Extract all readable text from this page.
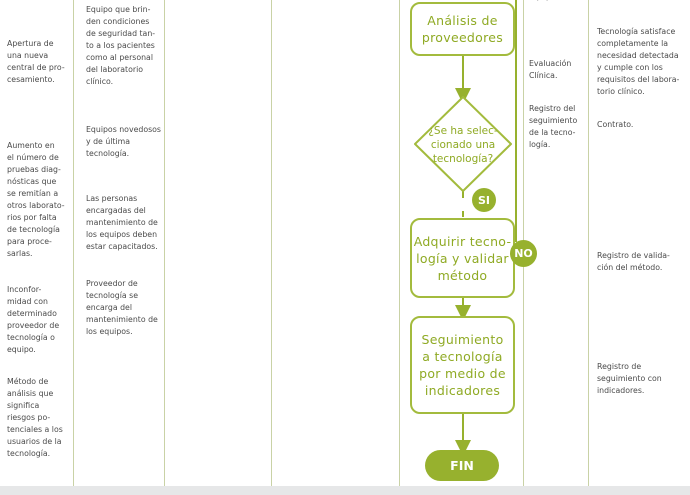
Apertura de
una nueva
central de pro-
cesamiento.

Aumento en
el número de
pruebas diag-
nósticas que
se remitían a
otros laborato-
rios por falta
de tecnología
para proce-
sarlas.

Inconfor-
midad con
determinado
proveedor de
tecnología o
equipo.

Método de
análisis que
significa
riesgos po-
tenciales a los
usuarios de la
tecnología.

Equipo que brin-
den condiciones
de seguridad tan-
to a los pacientes
como al personal
del laboratorio
clínico.

Equipos novedosos
y de última
tecnología.

Las personas
encargadas del
mantenimiento de
los equipos deben
estar capacitados.

Proveedor de
tecnología se
encarga del
mantenimiento de
los equipos.

Evaluación
Clínica.

Registro del
seguimiento
de la tecno-
logía.

Tecnología satisface
completamente la
necesidad detectada
y cumple con los
requisitos del labora-
torio clínico.

Contrato.

Registro de valida-
ción del método.

Registro de
seguimiento con
indicadores.

Análisis de
proveedores
¿Se ha selec-
cionado una
tecnología?
SI
Adquirir tecno-
logía y validar
método
NO
Seguimiento
a tecnología
por medio de
indicadores
FIN
